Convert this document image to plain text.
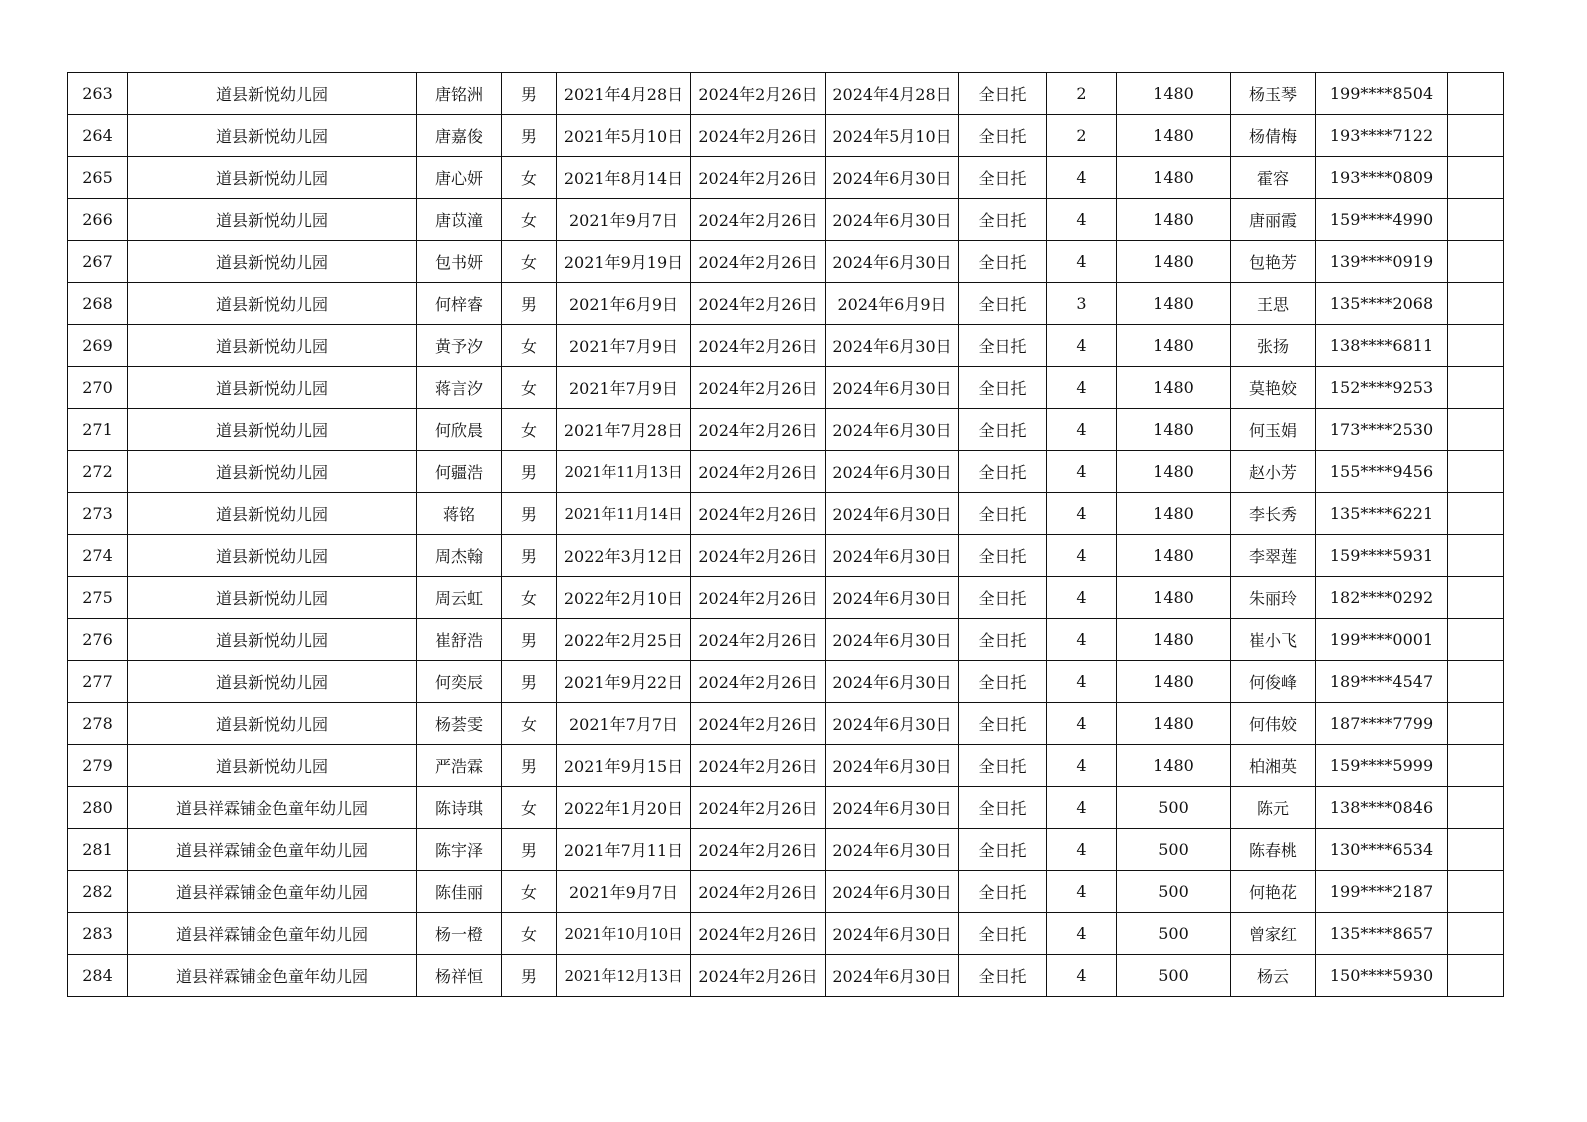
263	道县新悦幼儿园	唐铭洲	男	2021年4月28日	2024年2月26日	2024年4月28日	全日托	2	1480	杨玉琴	199****8504	
264	道县新悦幼儿园	唐嘉俊	男	2021年5月10日	2024年2月26日	2024年5月10日	全日托	2	1480	杨倩梅	193****7122	
265	道县新悦幼儿园	唐心妍	女	2021年8月14日	2024年2月26日	2024年6月30日	全日托	4	1480	霍容	193****0809	
266	道县新悦幼儿园	唐苡潼	女	2021年9月7日	2024年2月26日	2024年6月30日	全日托	4	1480	唐丽霞	159****4990	
267	道县新悦幼儿园	包书妍	女	2021年9月19日	2024年2月26日	2024年6月30日	全日托	4	1480	包艳芳	139****0919	
268	道县新悦幼儿园	何梓睿	男	2021年6月9日	2024年2月26日	2024年6月9日	全日托	3	1480	王思	135****2068	
269	道县新悦幼儿园	黄予汐	女	2021年7月9日	2024年2月26日	2024年6月30日	全日托	4	1480	张扬	138****6811	
270	道县新悦幼儿园	蒋言汐	女	2021年7月9日	2024年2月26日	2024年6月30日	全日托	4	1480	莫艳姣	152****9253	
271	道县新悦幼儿园	何欣晨	女	2021年7月28日	2024年2月26日	2024年6月30日	全日托	4	1480	何玉娟	173****2530	
272	道县新悦幼儿园	何疆浩	男	2021年11月13日	2024年2月26日	2024年6月30日	全日托	4	1480	赵小芳	155****9456	
273	道县新悦幼儿园	蒋铭	男	2021年11月14日	2024年2月26日	2024年6月30日	全日托	4	1480	李长秀	135****6221	
274	道县新悦幼儿园	周杰翰	男	2022年3月12日	2024年2月26日	2024年6月30日	全日托	4	1480	李翠莲	159****5931	
275	道县新悦幼儿园	周云虹	女	2022年2月10日	2024年2月26日	2024年6月30日	全日托	4	1480	朱丽玲	182****0292	
276	道县新悦幼儿园	崔舒浩	男	2022年2月25日	2024年2月26日	2024年6月30日	全日托	4	1480	崔小飞	199****0001	
277	道县新悦幼儿园	何奕辰	男	2021年9月22日	2024年2月26日	2024年6月30日	全日托	4	1480	何俊峰	189****4547	
278	道县新悦幼儿园	杨荟雯	女	2021年7月7日	2024年2月26日	2024年6月30日	全日托	4	1480	何伟姣	187****7799	
279	道县新悦幼儿园	严浩霖	男	2021年9月15日	2024年2月26日	2024年6月30日	全日托	4	1480	柏湘英	159****5999	
280	道县祥霖铺金色童年幼儿园	陈诗琪	女	2022年1月20日	2024年2月26日	2024年6月30日	全日托	4	500	陈元	138****0846	
281	道县祥霖铺金色童年幼儿园	陈宇泽	男	2021年7月11日	2024年2月26日	2024年6月30日	全日托	4	500	陈春桃	130****6534	
282	道县祥霖铺金色童年幼儿园	陈佳丽	女	2021年9月7日	2024年2月26日	2024年6月30日	全日托	4	500	何艳花	199****2187	
283	道县祥霖铺金色童年幼儿园	杨一橙	女	2021年10月10日	2024年2月26日	2024年6月30日	全日托	4	500	曾家红	135****8657	
284	道县祥霖铺金色童年幼儿园	杨祥恒	男	2021年12月13日	2024年2月26日	2024年6月30日	全日托	4	500	杨云	150****5930	
